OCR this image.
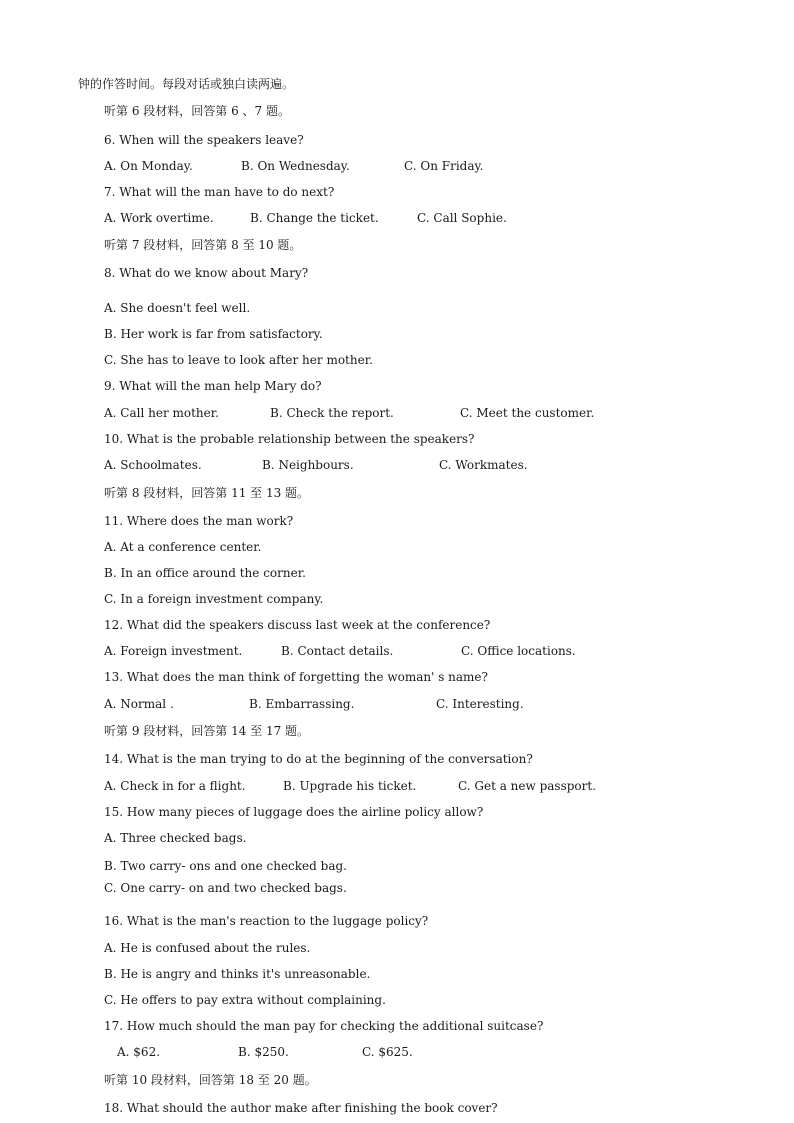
钟的作答时间。每段对话或独白读两遍。
听第 6 段材料，回答第 6 、7 题。
6. When will the speakers leave?
A. On Monday.	B. On Wednesday.	C. On Friday.
7. What will the man have to do next?
A. Work overtime.	B. Change the ticket.	C. Call Sophie.
听第 7 段材料，回答第 8 至 10 题。
8. What do we know about Mary?
A. She doesn't feel well.
B. Her work is far from satisfactory.
C. She has to leave to look after her mother.
9. What will the man help Mary do?
A. Call her mother.	B. Check the report.	C. Meet the customer.
10. What is the probable relationship between the speakers?
A. Schoolmates.	B. Neighbours.	C. Workmates.
听第 8 段材料，回答第 11 至 13 题。
11. Where does the man work?
A. At a conference center.
B. In an office around the corner.
C. In a foreign investment company.
12. What did the speakers discuss last week at the conference?
A. Foreign investment.	B. Contact details.	C. Office locations.
13. What does the man think of forgetting the woman' s name?
A. Normal .	B. Embarrassing.	C. Interesting.
听第 9 段材料，回答第 14 至 17 题。
14. What is the man trying to do at the beginning of the conversation?
A. Check in for a flight.	B. Upgrade his ticket.	C. Get a new passport.
15. How many pieces of luggage does the airline policy allow?
A. Three checked bags.
B. Two carry- ons and one checked bag.
C. One carry- on and two checked bags.
16. What is the man's reaction to the luggage policy?
A. He is confused about the rules.
B. He is angry and thinks it's unreasonable.
C. He offers to pay extra without complaining.
17. How much should the man pay for checking the additional suitcase?
A. $62.	B. $250.	C. $625.
听第 10 段材料，回答第 18 至 20 题。
18. What should the author make after finishing the book cover?
